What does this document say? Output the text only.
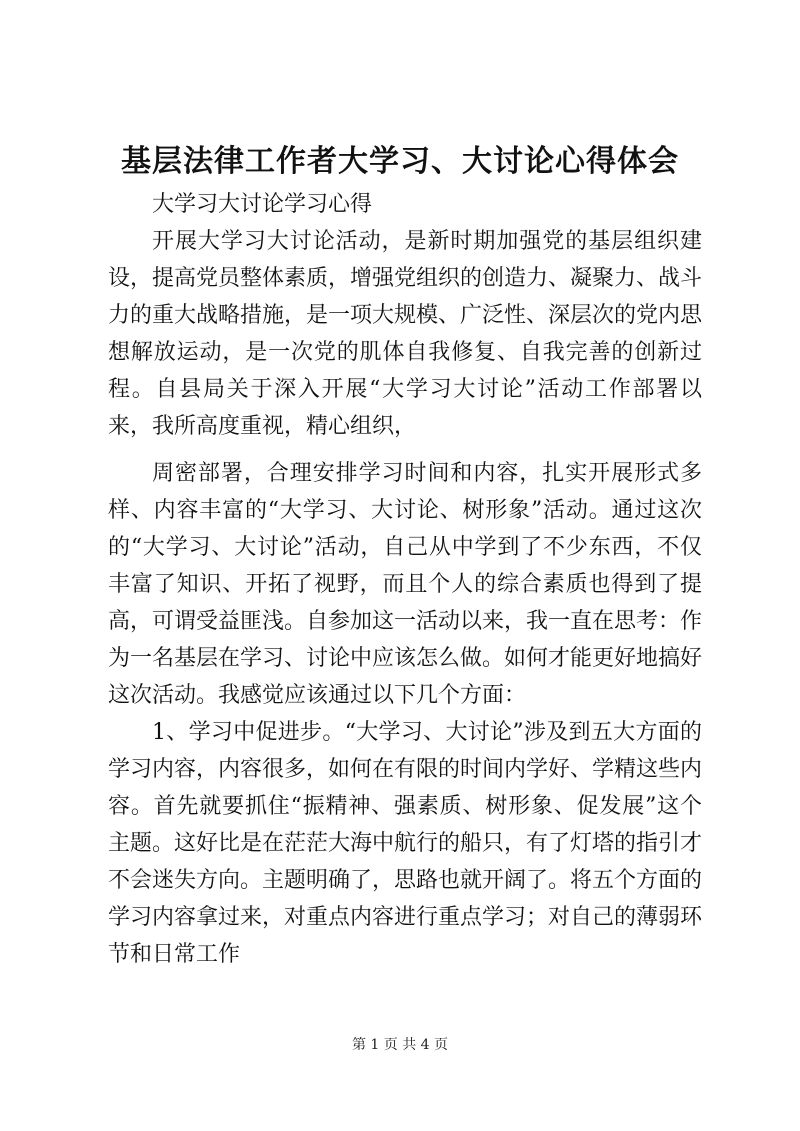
基层法律工作者大学习、大讨论心得体会

大学习大讨论学习心得

开展大学习大讨论活动，是新时期加强党的基层组织建设，提高党员整体素质，增强党组织的创造力、凝聚力、战斗力的重大战略措施，是一项大规模、广泛性、深层次的党内思想解放运动，是一次党的肌体自我修复、自我完善的创新过程。自县局关于深入开展“大学习大讨论”活动工作部署以来，我所高度重视，精心组织，

周密部署，合理安排学习时间和内容，扎实开展形式多样、内容丰富的“大学习、大讨论、树形象”活动。通过这次的“大学习、大讨论”活动，自己从中学到了不少东西，不仅丰富了知识、开拓了视野，而且个人的综合素质也得到了提高，可谓受益匪浅。自参加这一活动以来，我一直在思考：作为一名基层在学习、讨论中应该怎么做。如何才能更好地搞好这次活动。我感觉应该通过以下几个方面：

1、学习中促进步。“大学习、大讨论”涉及到五大方面的学习内容，内容很多，如何在有限的时间内学好、学精这些内容。首先就要抓住“振精神、强素质、树形象、促发展”这个主题。这好比是在茫茫大海中航行的船只，有了灯塔的指引才不会迷失方向。主题明确了，思路也就开阔了。将五个方面的学习内容拿过来，对重点内容进行重点学习；对自己的薄弱环节和日常工作

第 1 页 共 4 页
